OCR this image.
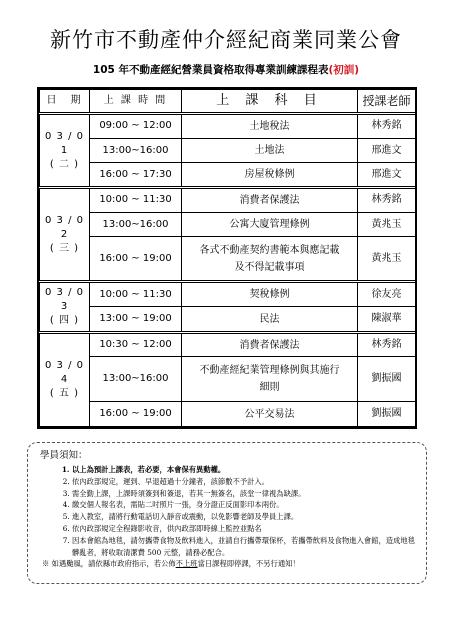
新竹市不動產仲介經紀商業同業公會
105 年不動產經紀營業員資格取得專業訓練課程表(初訓)
日　期	上 課 時 間	上 課 科 目	授課老師

0 3 / 0 1
( 二 )	09:00 ~ 12:00	土地稅法	林秀銘
	13:00~16:00	土地法	邢進文
	16:00 ~ 17:30	房屋稅條例	邢進文

0 3 / 0 2
( 三 )	10:00 ~ 11:30	消費者保護法	林秀銘
	13:00~16:00	公寓大廈管理條例	黃兆玉
	16:00 ~ 19:00	各式不動產契約書範本與應記載
及不得記載事項	黃兆玉

0 3 / 0 3
( 四 )	10:00 ~ 11:30	契稅條例	徐友亮
	13:00 ~ 19:00	民法	陳淑華

0 3 / 0 4
( 五 )	10:30 ~ 12:00	消費者保護法	林秀銘
	13:00~16:00	不動產經紀業管理條例與其施行
細則	劉振國
	16:00 ~ 19:00	公平交易法	劉振國
學員須知：
1. 以上為預計上課表，若必要，本會保有異動權。
2. 依內政部規定，遲到、早退超過十分鐘者，該節數不予計入。
3. 需全勤上課，上課時須簽到和簽退，若其一無簽名，該堂一律視為缺課。
4. 繳交個人報名表，需貼二吋照片一張，身分證正反面影印本兩份。
5. 進入教室，請將行動電話切入靜音或震動，以免影響老師及學員上課。
6. 依內政部規定全程錄影收音，供內政部即時線上監控並點名
7. 因本會館為地毯，請勿攜帶食物及飲料進入，並請自行攜帶環保杯，若攜帶飲料及食物進入會館，造成地毯髒亂者，將收取清潔費 500 元整，請務必配合。
※ 如遇颱風，請依縣市政府指示，若公佈不上班當日課程即停課，不另行通知！
